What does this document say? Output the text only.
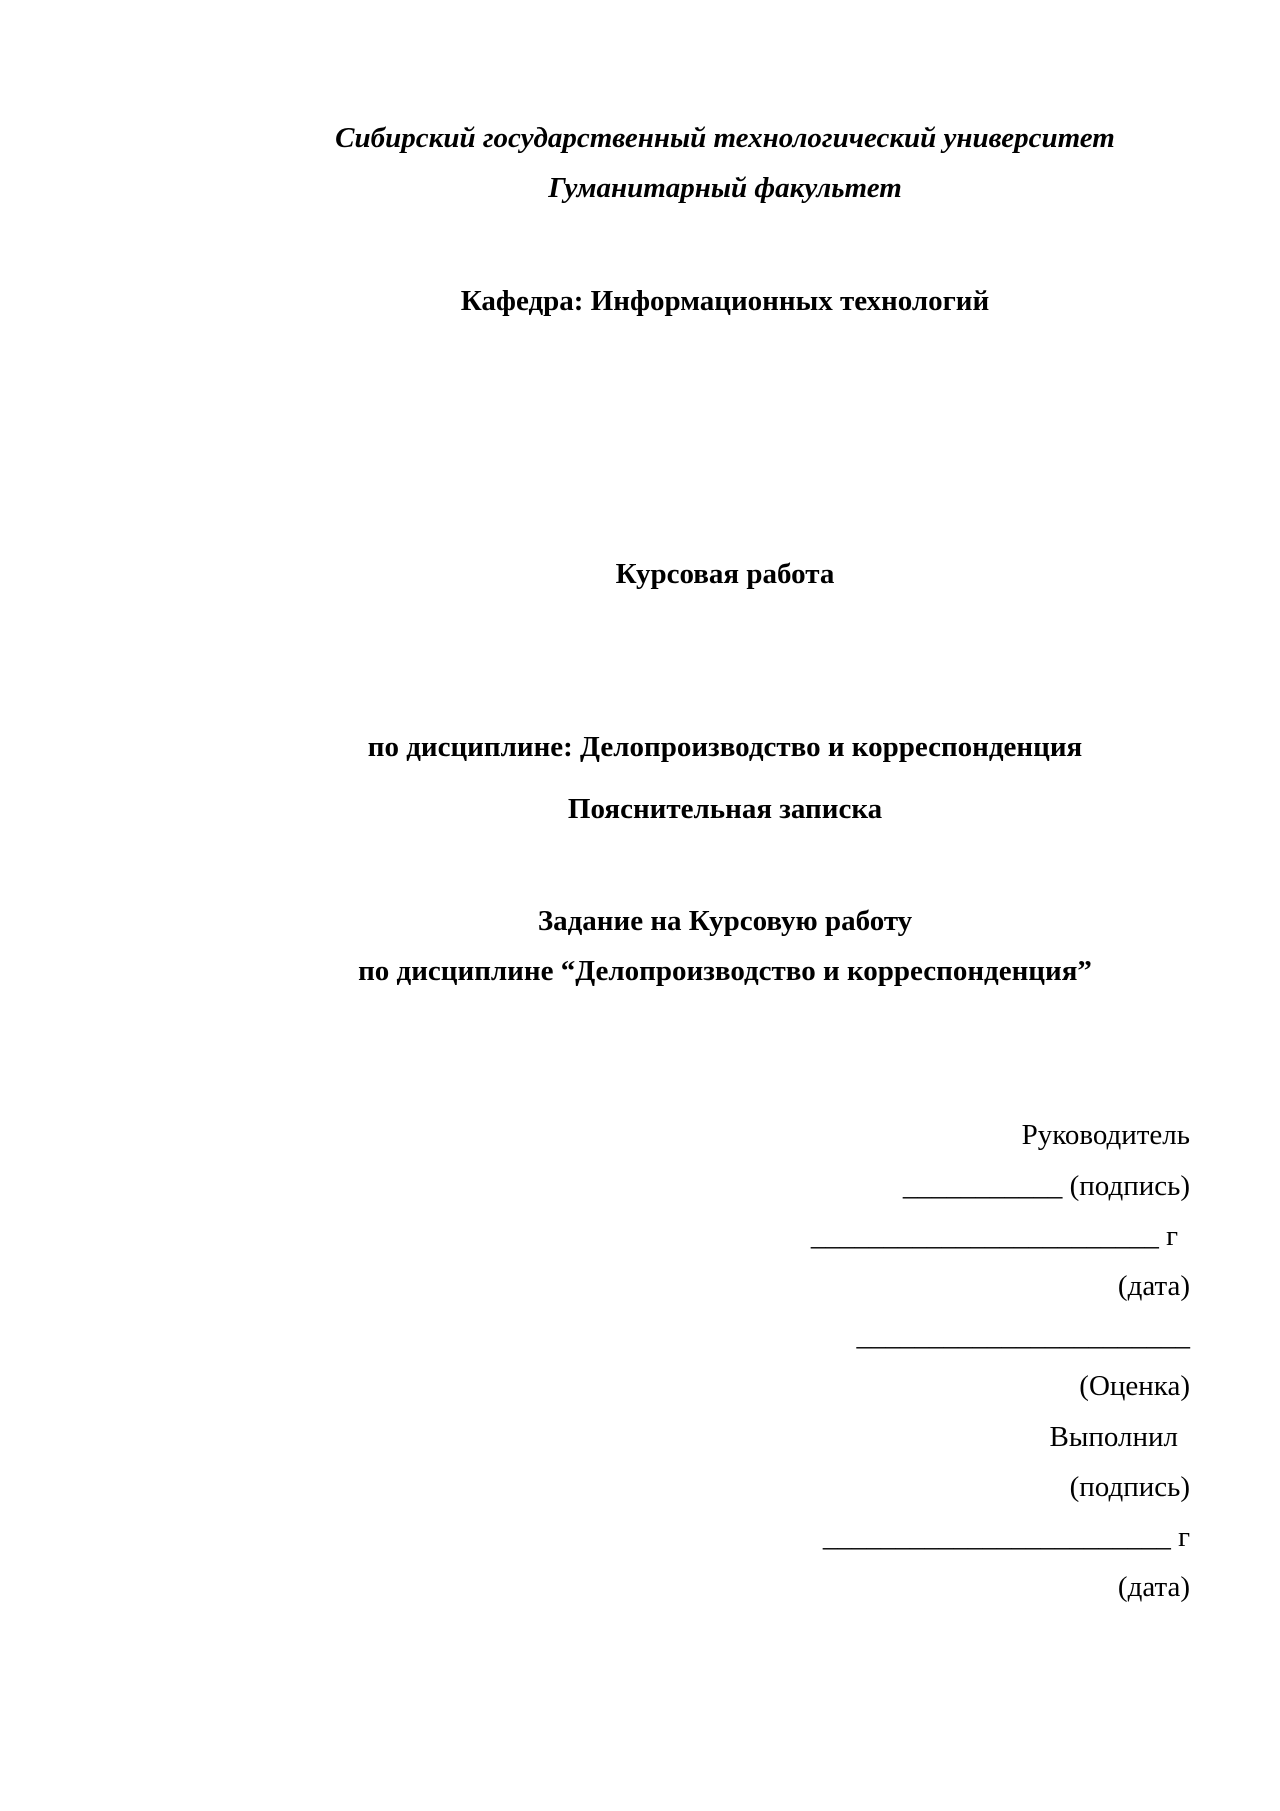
Сибирский государственный технологический университет
Гуманитарный факультет
Кафедра: Информационных технологий
Курсовая работа
по дисциплине: Делопроизводство и корреспонденция
Пояснительная записка
Задание на Курсовую работу
по дисциплине “Делопроизводство и корреспонденция”
Руководитель
___________ (подпись)
________________________ г
(дата)
_______________________
(Оценка)
Выполнил
(подпись)
________________________ г
(дата)
